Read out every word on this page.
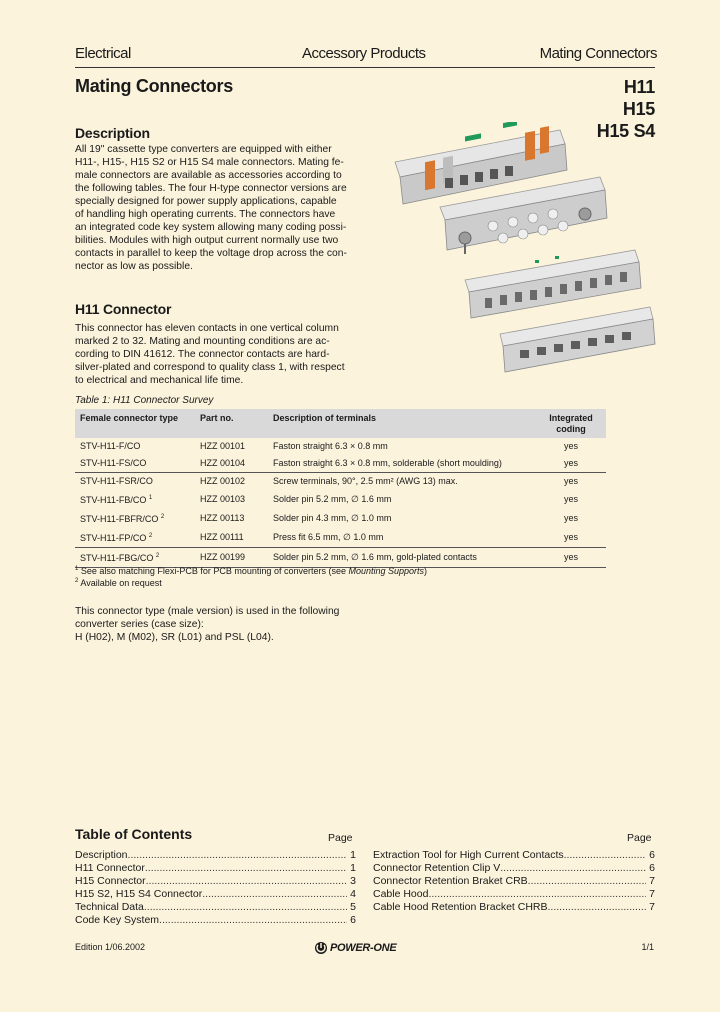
Electrical	Accessory Products	Mating Connectors
Mating Connectors	H11
H15
H15 S4
Description
All 19" cassette type converters are equipped with either
H11-, H15-, H15 S2 or H15 S4 male connectors. Mating fe-
male connectors are available as accessories according to
the following tables. The four H-type connector versions are
specially designed for power supply applications, capable
of handling high operating currents. The connectors have
an integrated code key system allowing many coding possi-
bilities. Modules with high output current normally use two
contacts in parallel to keep the voltage drop across the con-
nector as low as possible.
H11 Connector
This connector has eleven contacts in one vertical column
marked 2 to 32. Mating and mounting conditions are ac-
cording to DIN 41612. The connector contacts are hard-
silver-plated and correspond to quality class 1, with respect
to electrical and mechanical life time.
Table 1: H11 Connector Survey
Female connector type	Part no.	Description of terminals	Integrated coding
STV-H11-F/CO	HZZ 00101	Faston straight 6.3 × 0.8 mm	yes
STV-H11-FS/CO	HZZ 00104	Faston straight 6.3 × 0.8 mm, solderable (short moulding)	yes
STV-H11-FSR/CO	HZZ 00102	Screw terminals, 90°, 2.5 mm² (AWG 13) max.	yes
STV-H11-FB/CO $^1$	HZZ 00103	Solder pin 5.2 mm, ∅ 1.6 mm	yes
STV-H11-FBFR/CO $^2$	HZZ 00113	Solder pin 4.3 mm, ∅ 1.0 mm	yes
STV-H11-FP/CO $^2$	HZZ 00111	Press fit 6.5 mm, ∅ 1.0 mm	yes
STV-H11-FBG/CO $^2$	HZZ 00199	Solder pin 5.2 mm, ∅ 1.6 mm, gold-plated contacts	yes
$^1$ See also matching Flexi-PCB for PCB mounting of converters (see Mounting Supports)
$^2$ Available on request
This connector type (male version) is used in the following
converter series (case size):
H (H02), M (M02), SR (L01) and PSL (L04).
Table of Contents	Page	Page
Description .....	1
H11 Connector .....	1
H15 Connector .....	3
H15 S2, H15 S4 Connector .....	4
Technical Data .....	5
Code Key System .....	6
Extraction Tool for High Current Contacts .....	6
Connector Retention Clip V .....	6
Connector Retention Braket CRB .....	7
Cable Hood .....	7
Cable Hood Retention Bracket CHRB .....	7
Edition 1/06.2002	POWER-ONE	1/1
